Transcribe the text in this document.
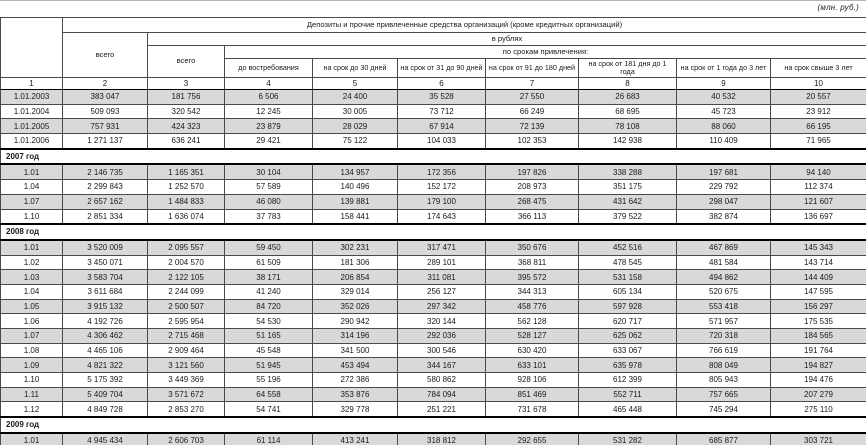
(млн. руб.)
	Депозиты и прочие привлеченные средства организаций (кроме кредитных организаций)								
	всего	в рублях							
		всего	по срокам привлечения:						
			до востребования	на срок до 30 дней	на срок от 31 до 90 дней	на срок от 91 до 180 дней	на срок от 181 дня до 1 года	на срок от 1 года до 3 лет	на срок свыше 3 лет
1	2	3	4	5	6	7	8	9	10
1.01.2003	383 047	181 756	6 506	24 400	35 528	27 550	26 683	40 532	20 557
1.01.2004	509 093	320 542	12 245	30 005	73 712	66 249	68 695	45 723	23 912
1.01.2005	757 931	424 323	23 879	28 029	67 914	72 139	78 108	88 060	66 195
1.01.2006	1 271 137	636 241	29 421	75 122	104 033	102 353	142 938	110 409	71 965
2007 год									
1.01	2 146 735	1 165 351	30 104	134 957	172 356	197 826	338 288	197 681	94 140
1.04	2 299 843	1 252 570	57 589	140 496	152 172	208 973	351 175	229 792	112 374
1.07	2 657 162	1 484 833	46 080	139 881	179 100	268 475	431 642	298 047	121 607
1.10	2 851 334	1 636 074	37 783	158 441	174 643	366 113	379 522	382 874	136 697
2008 год									
1.01	3 520 009	2 095 557	59 450	302 231	317 471	350 676	452 516	467 869	145 343
1.02	3 450 071	2 004 570	61 509	181 306	289 101	368 811	478 545	481 584	143 714
1.03	3 583 704	2 122 105	38 171	206 854	311 081	395 572	531 158	494 862	144 409
1.04	3 611 684	2 244 099	41 240	329 014	256 127	344 313	605 134	520 675	147 595
1.05	3 915 132	2 500 507	84 720	352 026	297 342	458 776	597 928	553 418	156 297
1.06	4 192 726	2 595 954	54 530	290 942	320 144	562 128	620 717	571 957	175 535
1.07	4 306 462	2 715 468	51 165	314 196	292 036	528 127	625 062	720 318	184 565
1.08	4 465 106	2 909 464	45 548	341 500	300 546	630 420	633 067	766 619	191 764
1.09	4 821 322	3 121 560	51 945	453 494	344 167	633 101	635 978	808 049	194 827
1.10	5 175 392	3 449 369	55 196	272 386	580 862	928 106	612 399	805 943	194 476
1.11	5 409 704	3 571 672	64 558	353 876	784 094	851 469	552 711	757 665	207 279
1.12	4 849 728	2 853 270	54 741	329 778	251 221	731 678	465 448	745 294	275 110
2009 год									
1.01	4 945 434	2 606 703	61 114	413 241	318 812	292 655	531 282	685 877	303 721
